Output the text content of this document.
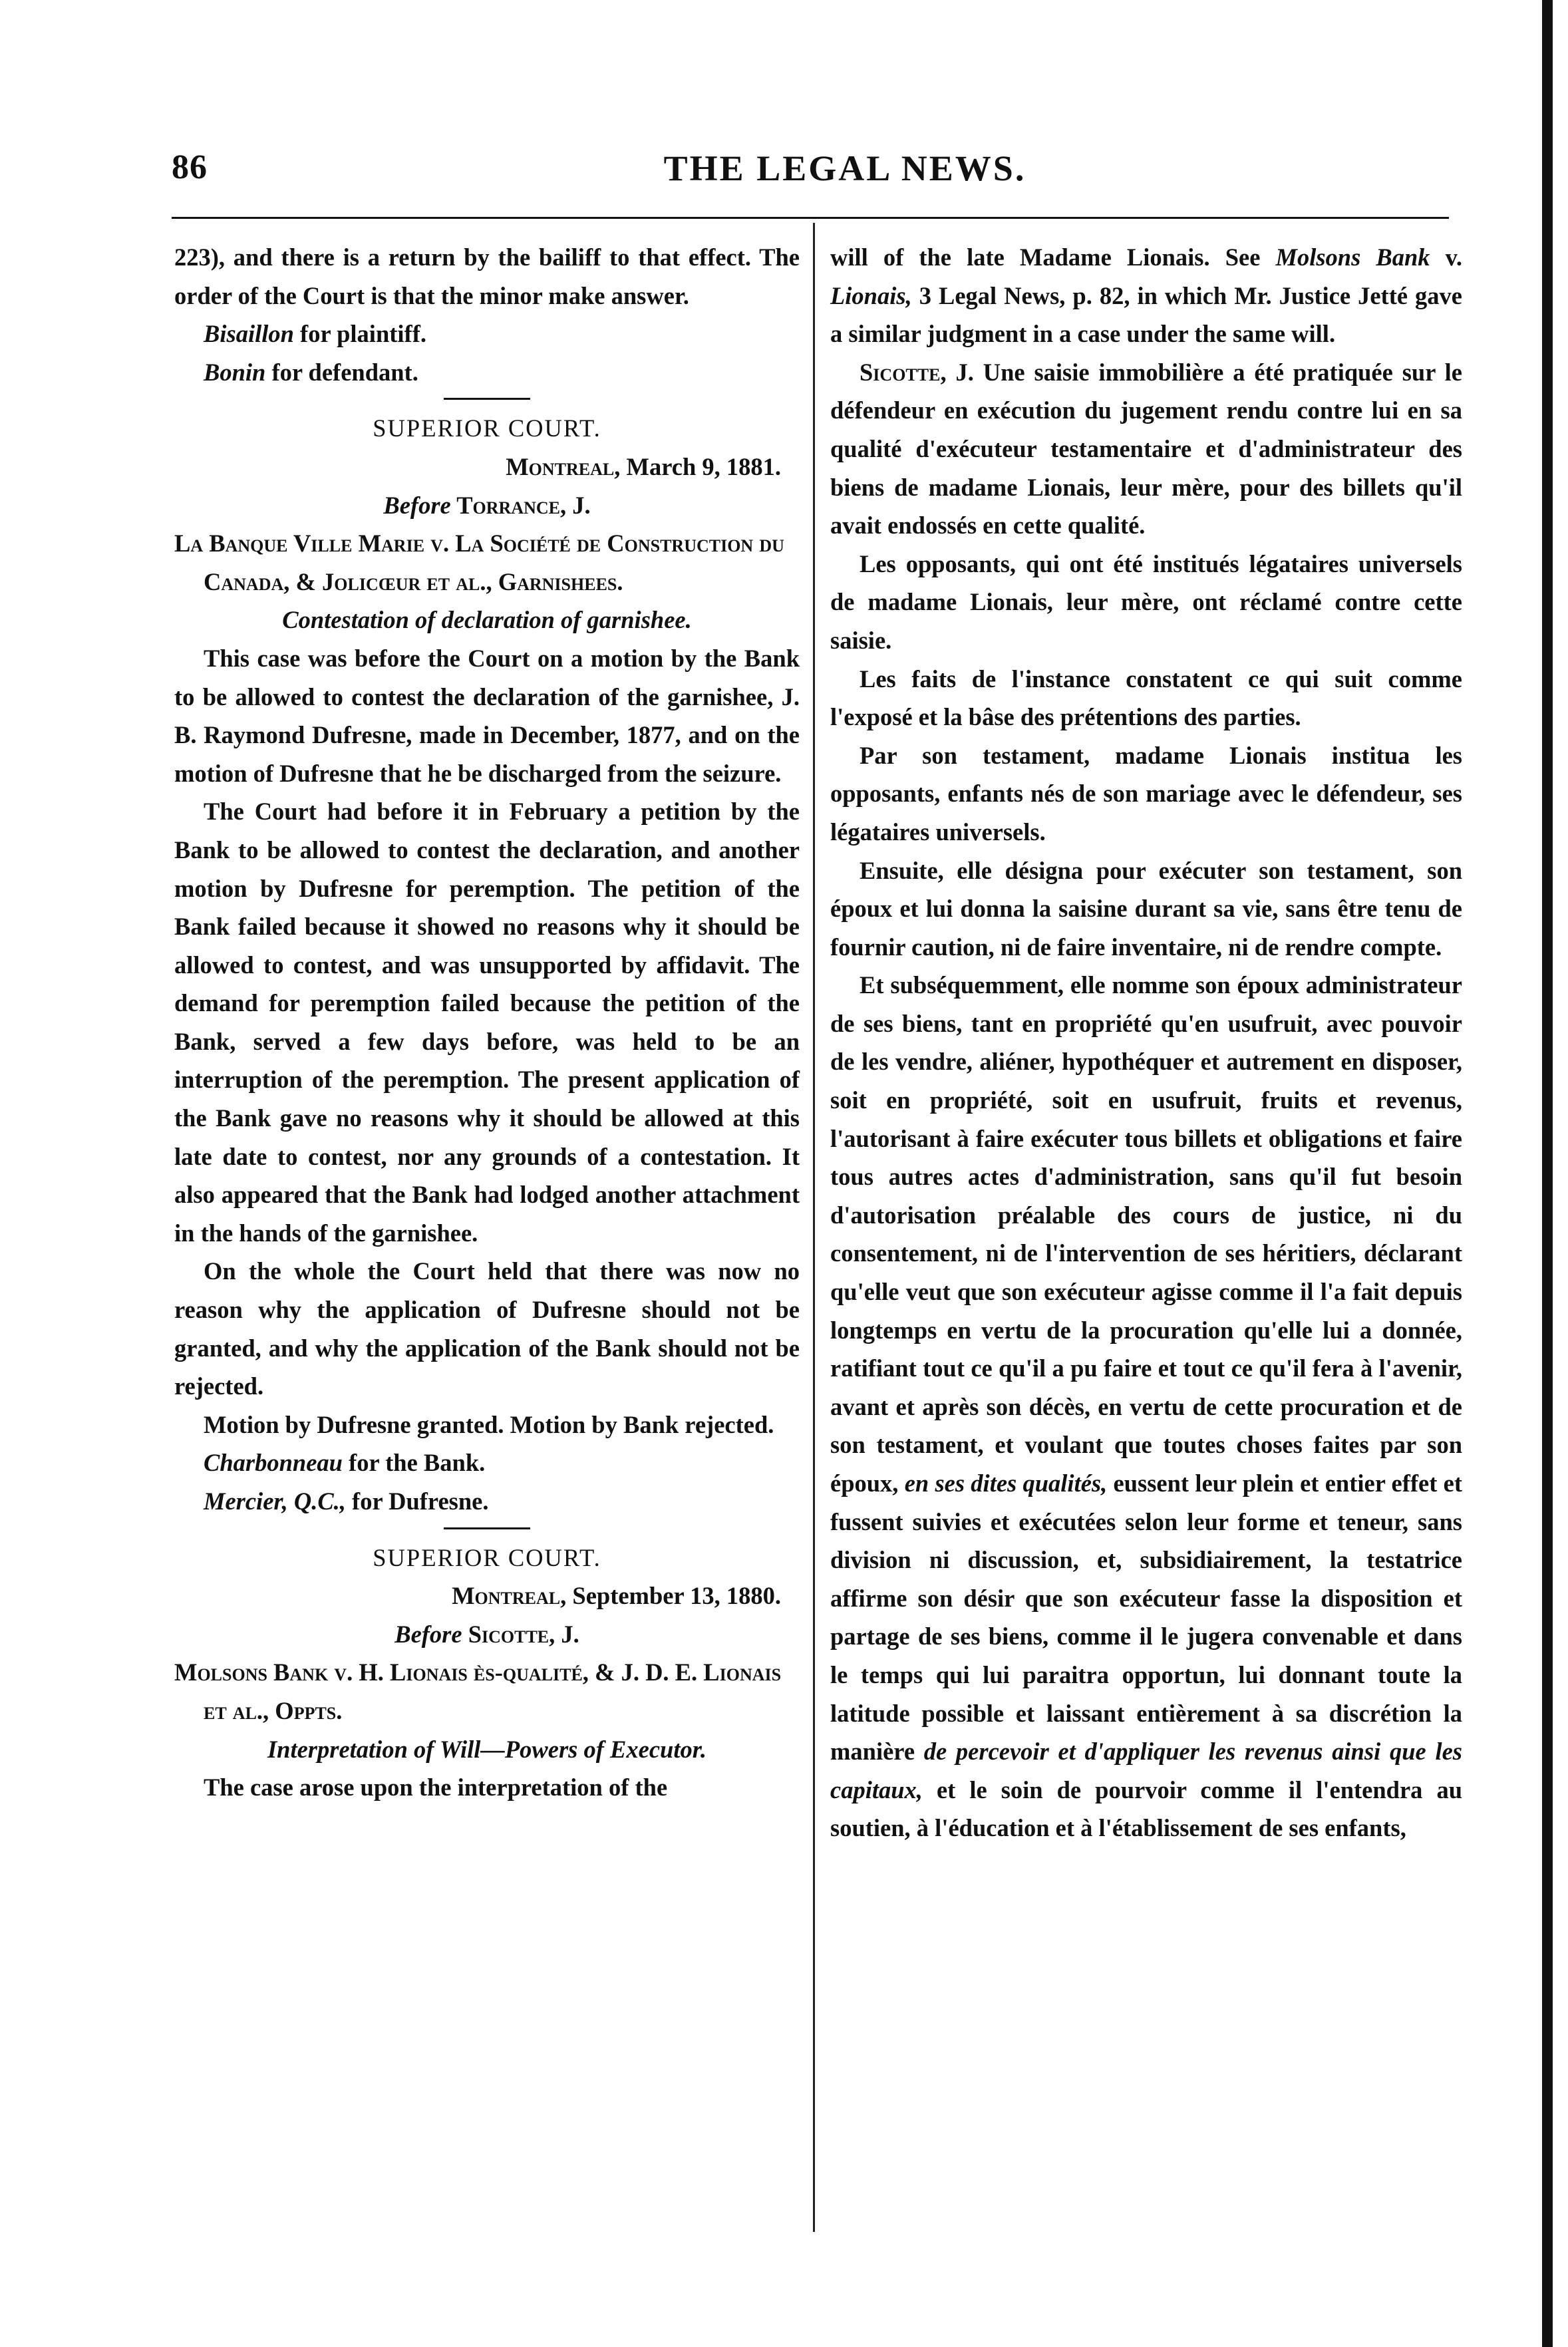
86	THE LEGAL NEWS.

223), and there is a return by the bailiff to that effect. The order of the Court is that the minor make answer.

Bisaillon for plaintiff.

Bonin for defendant.

SUPERIOR COURT.

Montreal, March 9, 1881.

Before Torrance, J.

La Banque Ville Marie v. La Société de Construction du Canada, & Jolicœur et al., Garnishees.

Contestation of declaration of garnishee.

This case was before the Court on a motion by the Bank to be allowed to contest the declaration of the garnishee, J. B. Raymond Dufresne, made in December, 1877, and on the motion of Dufresne that he be discharged from the seizure.

The Court had before it in February a petition by the Bank to be allowed to contest the declaration, and another motion by Dufresne for peremption. The petition of the Bank failed because it showed no reasons why it should be allowed to contest, and was unsupported by affidavit. The demand for peremption failed because the petition of the Bank, served a few days before, was held to be an interruption of the peremption. The present application of the Bank gave no reasons why it should be allowed at this late date to contest, nor any grounds of a contestation. It also appeared that the Bank had lodged another attachment in the hands of the garnishee.

On the whole the Court held that there was now no reason why the application of Dufresne should not be granted, and why the application of the Bank should not be rejected.

Motion by Dufresne granted. Motion by Bank rejected.

Charbonneau for the Bank.

Mercier, Q.C., for Dufresne.

SUPERIOR COURT.

Montreal, September 13, 1880.

Before Sicotte, J.

Molsons Bank v. H. Lionais ès-qualité, & J. D. E. Lionais et al., Oppts.

Interpretation of Will—Powers of Executor.

The case arose upon the interpretation of the

will of the late Madame Lionais. See Molsons Bank v. Lionais, 3 Legal News, p. 82, in which Mr. Justice Jetté gave a similar judgment in a case under the same will.

Sicotte, J. Une saisie immobilière a été pratiquée sur le défendeur en exécution du jugement rendu contre lui en sa qualité d'exécuteur testamentaire et d'administrateur des biens de madame Lionais, leur mère, pour des billets qu'il avait endossés en cette qualité.

Les opposants, qui ont été institués légataires universels de madame Lionais, leur mère, ont réclamé contre cette saisie.

Les faits de l'instance constatent ce qui suit comme l'exposé et la bâse des prétentions des parties.

Par son testament, madame Lionais institua les opposants, enfants nés de son mariage avec le défendeur, ses légataires universels.

Ensuite, elle désigna pour exécuter son testament, son époux et lui donna la saisine durant sa vie, sans être tenu de fournir caution, ni de faire inventaire, ni de rendre compte.

Et subséquemment, elle nomme son époux administrateur de ses biens, tant en propriété qu'en usufruit, avec pouvoir de les vendre, aliéner, hypothéquer et autrement en disposer, soit en propriété, soit en usufruit, fruits et revenus, l'autorisant à faire exécuter tous billets et obligations et faire tous autres actes d'administration, sans qu'il fut besoin d'autorisation préalable des cours de justice, ni du consentement, ni de l'intervention de ses héritiers, déclarant qu'elle veut que son exécuteur agisse comme il l'a fait depuis longtemps en vertu de la procuration qu'elle lui a donnée, ratifiant tout ce qu'il a pu faire et tout ce qu'il fera à l'avenir, avant et après son décès, en vertu de cette procuration et de son testament, et voulant que toutes choses faites par son époux, en ses dites qualités, eussent leur plein et entier effet et fussent suivies et exécutées selon leur forme et teneur, sans division ni discussion, et, subsidiairement, la testatrice affirme son désir que son exécuteur fasse la disposition et partage de ses biens, comme il le jugera convenable et dans le temps qui lui paraitra opportun, lui donnant toute la latitude possible et laissant entièrement à sa discrétion la manière de percevoir et d'appliquer les revenus ainsi que les capitaux, et le soin de pourvoir comme il l'entendra au soutien, à l'éducation et à l'établissement de ses enfants,
